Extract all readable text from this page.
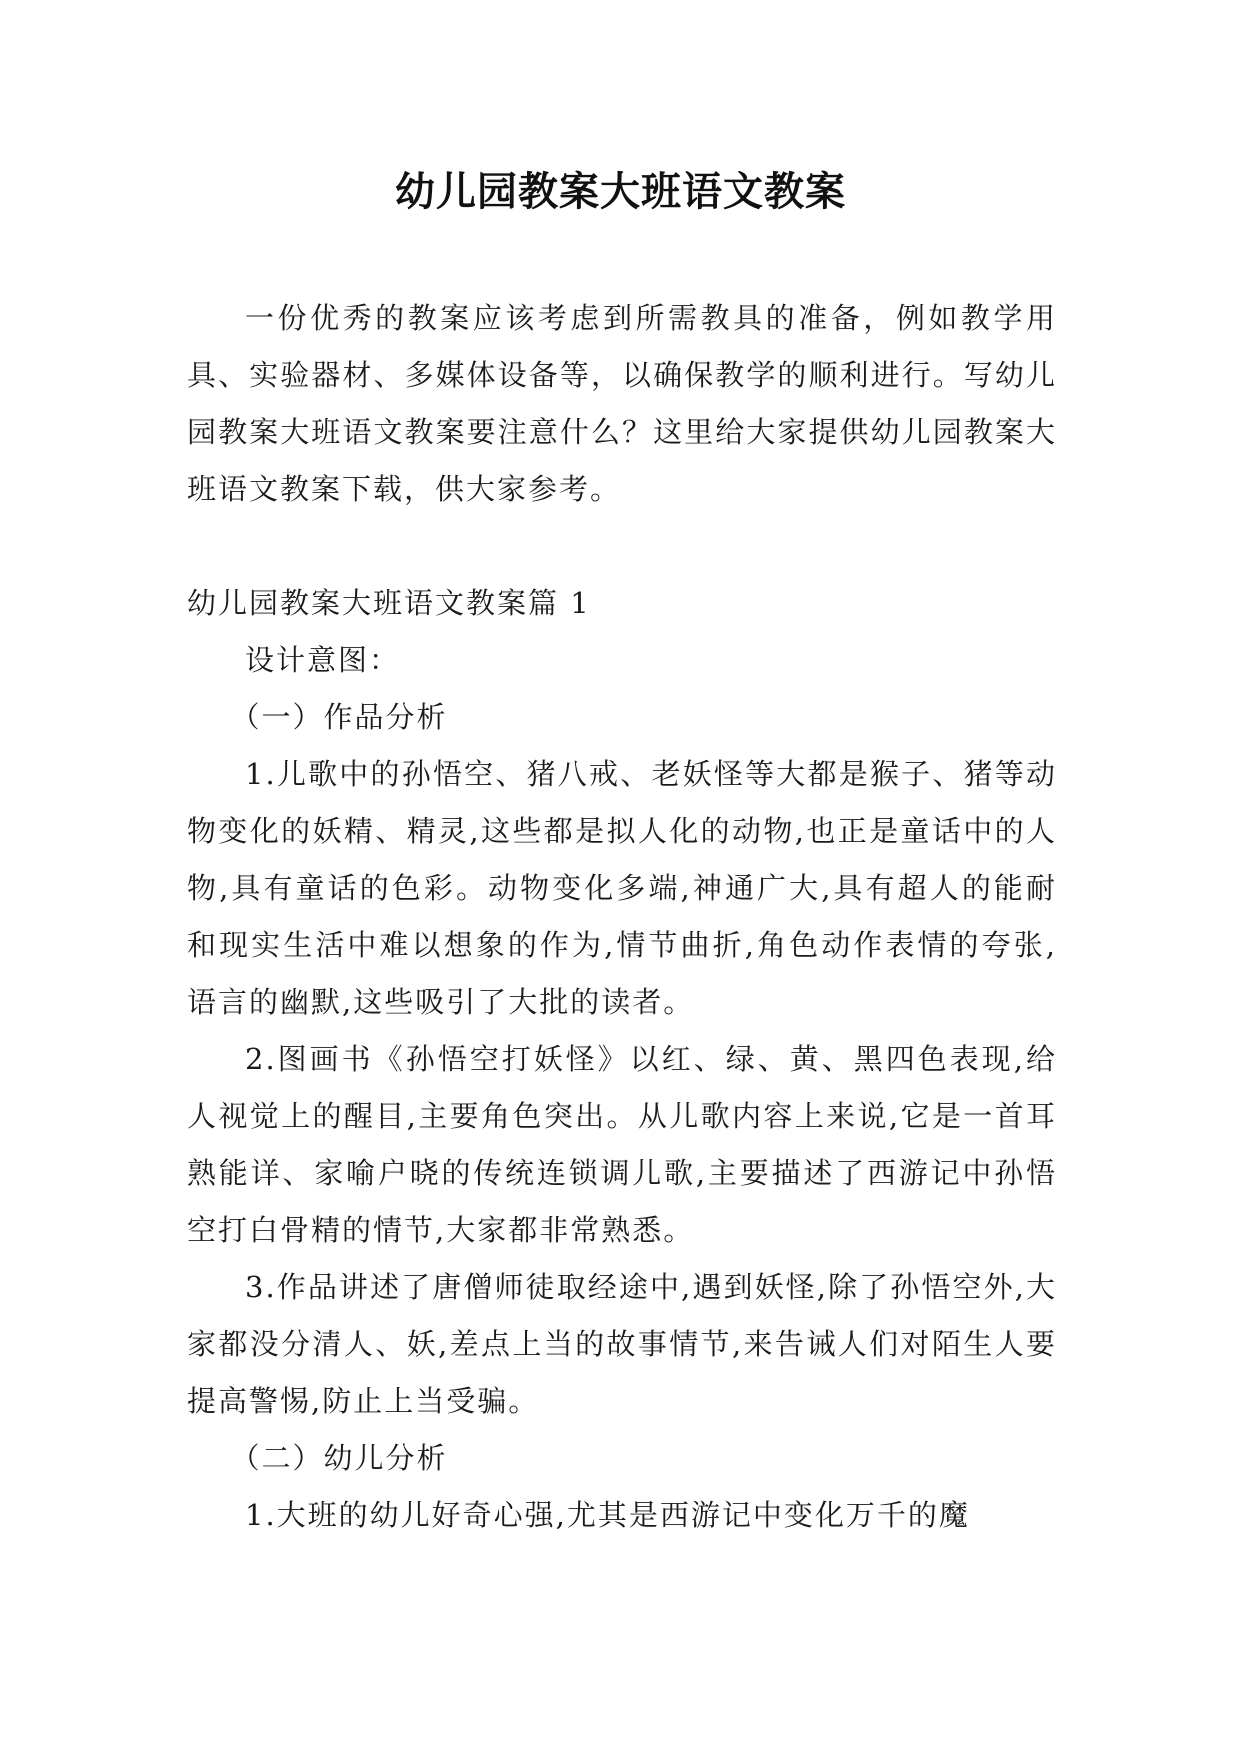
幼儿园教案大班语文教案

一份优秀的教案应该考虑到所需教具的准备，例如教学用具、实验器材、多媒体设备等，以确保教学的顺利进行。写幼儿园教案大班语文教案要注意什么？这里给大家提供幼儿园教案大班语文教案下载，供大家参考。

幼儿园教案大班语文教案篇 1

设计意图：

（一）作品分析

1.儿歌中的孙悟空、猪八戒、老妖怪等大都是猴子、猪等动物变化的妖精、精灵,这些都是拟人化的动物,也正是童话中的人物,具有童话的色彩。动物变化多端,神通广大,具有超人的能耐和现实生活中难以想象的作为,情节曲折,角色动作表情的夸张,语言的幽默,这些吸引了大批的读者。

2.图画书《孙悟空打妖怪》以红、绿、黄、黑四色表现,给人视觉上的醒目,主要角色突出。从儿歌内容上来说,它是一首耳熟能详、家喻户晓的传统连锁调儿歌,主要描述了西游记中孙悟空打白骨精的情节,大家都非常熟悉。

3.作品讲述了唐僧师徒取经途中,遇到妖怪,除了孙悟空外,大家都没分清人、妖,差点上当的故事情节,来告诫人们对陌生人要提高警惕,防止上当受骗。

（二）幼儿分析

1.大班的幼儿好奇心强,尤其是西游记中变化万千的魔
